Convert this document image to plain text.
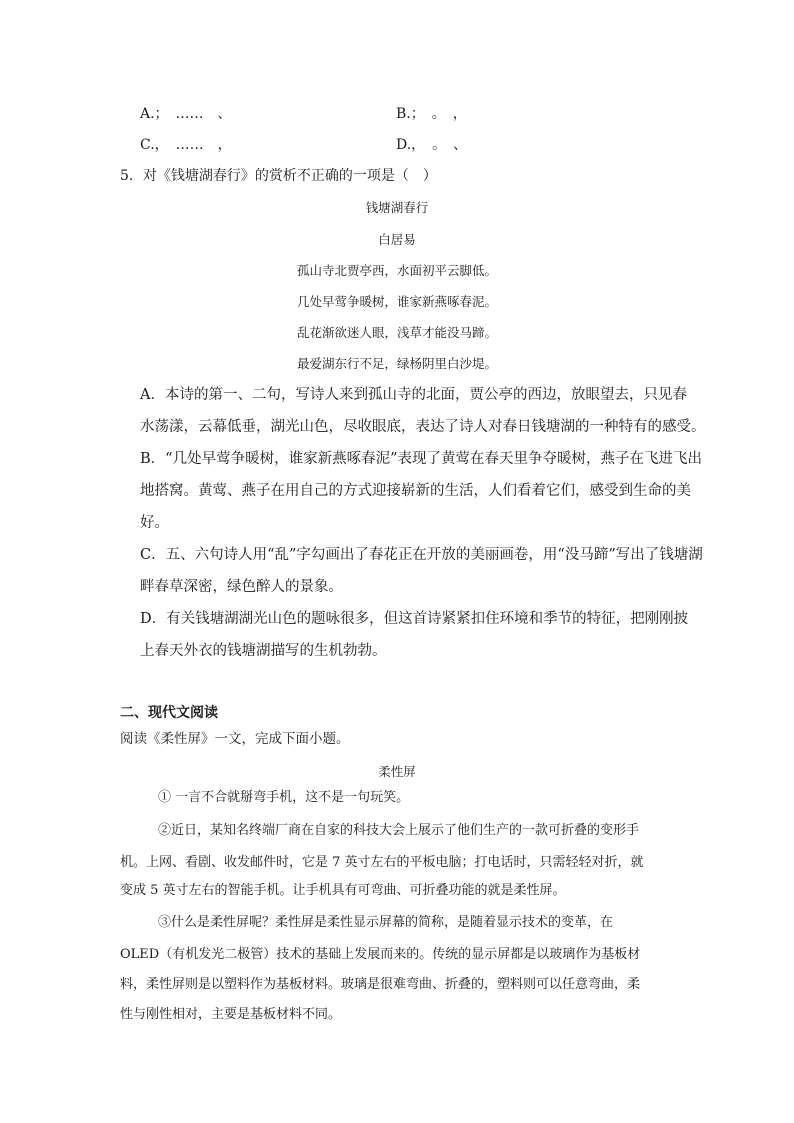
A.；　……　、	B.；　。　，
C.，　……　，	D.，　。　、
5．对《钱塘湖春行》的赏析不正确的一项是（　）
钱塘湖春行
白居易
孤山寺北贾亭西，水面初平云脚低。
几处早莺争暖树，谁家新燕啄春泥。
乱花渐欲迷人眼，浅草才能没马蹄。
最爱湖东行不足，绿杨阴里白沙堤。
A．本诗的第一、二句，写诗人来到孤山寺的北面，贾公亭的西边，放眼望去，只见春
水荡漾，云幕低垂，湖光山色，尽收眼底，表达了诗人对春日钱塘湖的一种特有的感受。
B．“几处早莺争暖树，谁家新燕啄春泥”表现了黄莺在春天里争夺暖树，燕子在飞进飞出
地搭窝。黄莺、燕子在用自己的方式迎接崭新的生活，人们看着它们，感受到生命的美
好。
C．五、六句诗人用“乱”字勾画出了春花正在开放的美丽画卷，用“没马蹄”写出了钱塘湖
畔春草深密，绿色醉人的景象。
D．有关钱塘湖湖光山色的题咏很多，但这首诗紧紧扣住环境和季节的特征，把刚刚披
上春天外衣的钱塘湖描写的生机勃勃。
二、现代文阅读
阅读《柔性屏》一文，完成下面小题。
柔性屏
① 一言不合就掰弯手机，这不是一句玩笑。
②近日，某知名终端厂商在自家的科技大会上展示了他们生产的一款可折叠的变形手
机。上网、看剧、收发邮件时，它是 7 英寸左右的平板电脑；打电话时，只需轻轻对折，就
变成 5 英寸左右的智能手机。让手机具有可弯曲、可折叠功能的就是柔性屏。
③什么是柔性屏呢？柔性屏是柔性显示屏幕的简称，是随着显示技术的变革，在
OLED（有机发光二极管）技术的基础上发展而来的。传统的显示屏都是以玻璃作为基板材
料，柔性屏则是以塑料作为基板材料。玻璃是很难弯曲、折叠的，塑料则可以任意弯曲，柔
性与刚性相对，主要是基板材料不同。
